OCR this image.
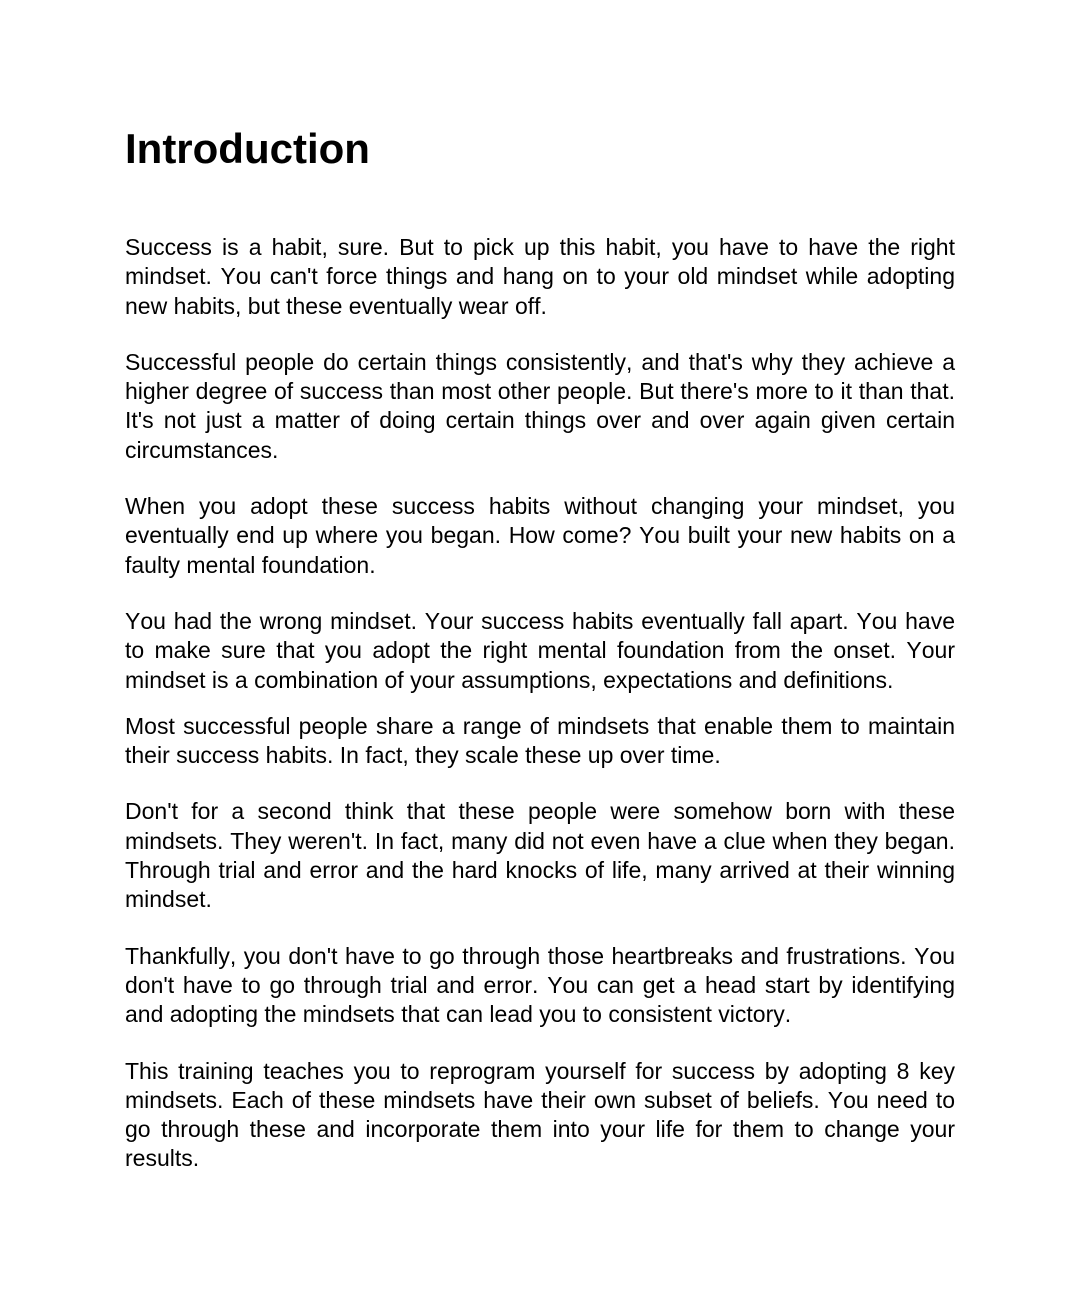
Introduction

Success is a habit, sure. But to pick up this habit, you have to have the right mindset. You can't force things and hang on to your old mindset while adopting new habits, but these eventually wear off.

Successful people do certain things consistently, and that's why they achieve a higher degree of success than most other people. But there's more to it than that. It's not just a matter of doing certain things over and over again given certain circumstances.

When you adopt these success habits without changing your mindset, you eventually end up where you began. How come? You built your new habits on a faulty mental foundation.

You had the wrong mindset. Your success habits eventually fall apart. You have to make sure that you adopt the right mental foundation from the onset. Your mindset is a combination of your assumptions, expectations and definitions.

Most successful people share a range of mindsets that enable them to maintain their success habits. In fact, they scale these up over time.

Don't for a second think that these people were somehow born with these mindsets. They weren't. In fact, many did not even have a clue when they began. Through trial and error and the hard knocks of life, many arrived at their winning mindset.

Thankfully, you don't have to go through those heartbreaks and frustrations. You don't have to go through trial and error. You can get a head start by identifying and adopting the mindsets that can lead you to consistent victory.

This training teaches you to reprogram yourself for success by adopting 8 key mindsets. Each of these mindsets have their own subset of beliefs. You need to go through these and incorporate them into your life for them to change your results.
